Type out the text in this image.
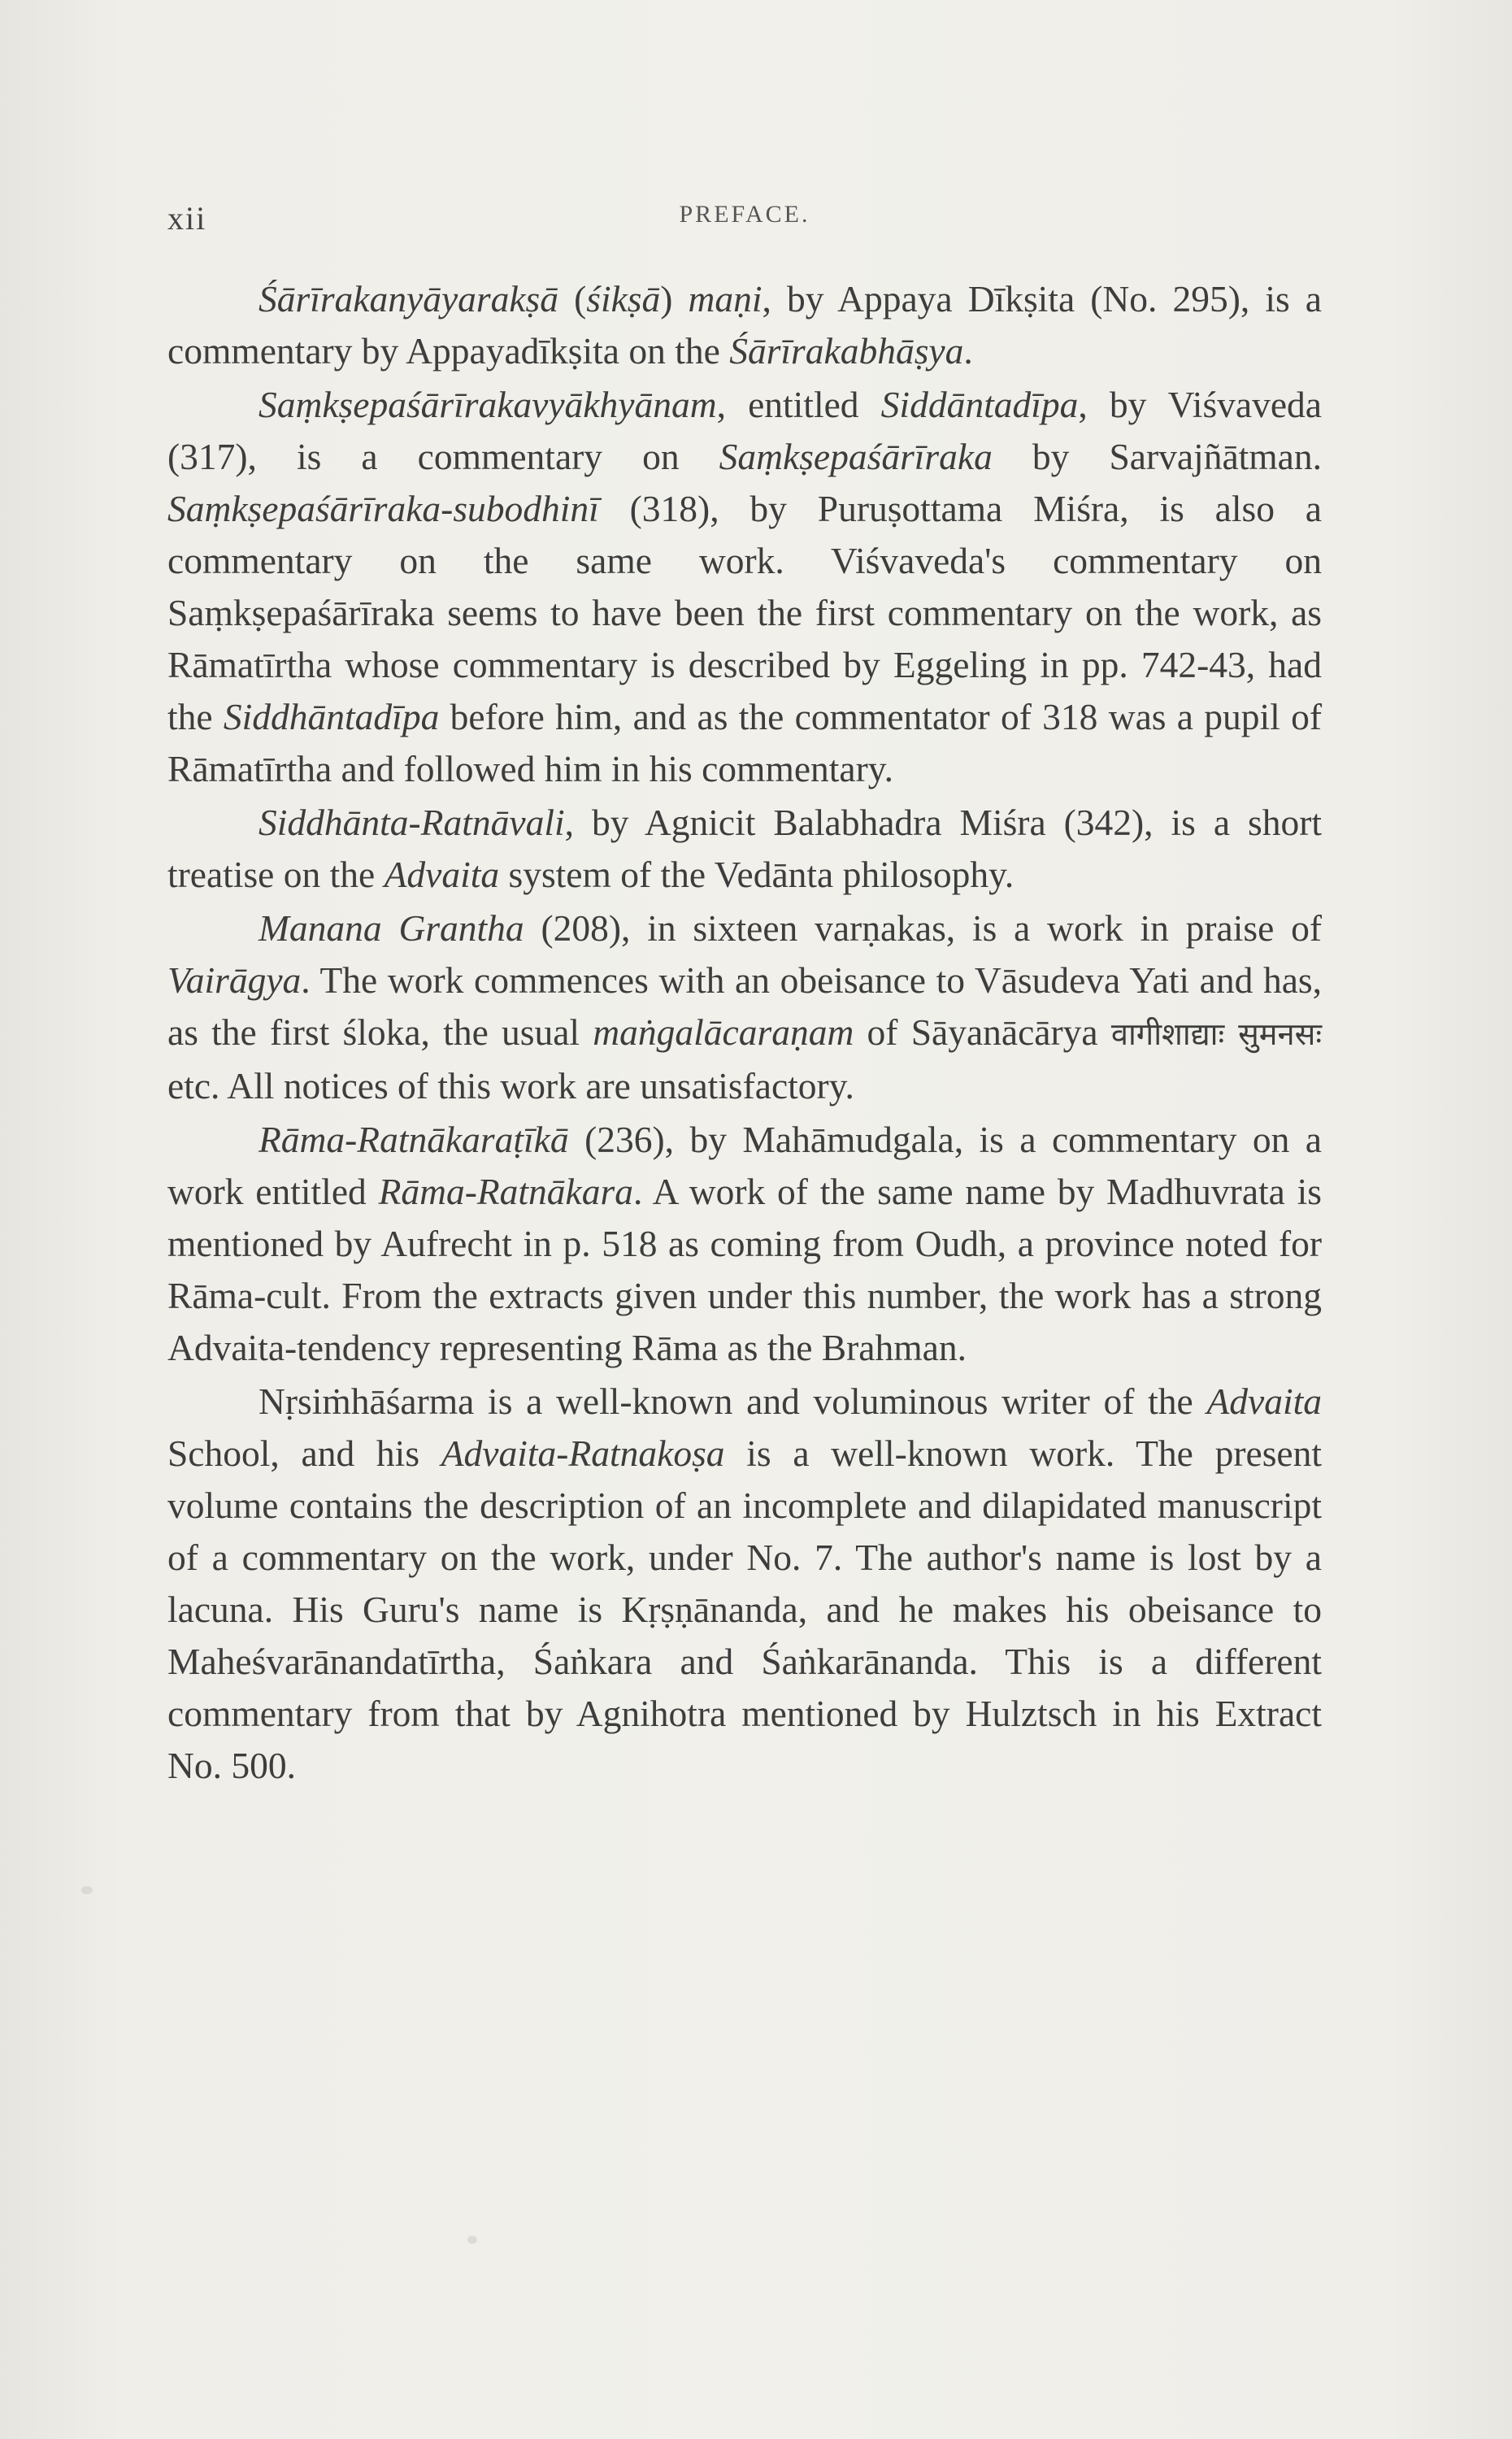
xii	PREFACE.

Śārīrakanyāyarakṣā (śikṣā) maṇi, by Appaya Dīkṣita (No. 295), is a commentary by Appayadīkṣita on the Śārīrakabhāṣya.

Saṃkṣepaśārīrakavyākhyānam, entitled Siddāntadīpa, by Viśvaveda (317), is a commentary on Saṃkṣepaśārīraka by Sarvajñātman. Saṃkṣepaśārīraka-subodhinī (318), by Puruṣottama Miśra, is also a commentary on the same work. Viśvaveda's commentary on Saṃkṣepaśārīraka seems to have been the first commentary on the work, as Rāmatīrtha whose commentary is described by Eggeling in pp. 742-43, had the Siddhāntadīpa before him, and as the commentator of 318 was a pupil of Rāmatīrtha and followed him in his commentary.

Siddhānta-Ratnāvali, by Agnicit Balabhadra Miśra (342), is a short treatise on the Advaita system of the Vedānta philosophy.

Manana Grantha (208), in sixteen varṇakas, is a work in praise of Vairāgya. The work commences with an obeisance to Vāsudeva Yati and has, as the first śloka, the usual maṅgalācaraṇam of Sāyanācārya वागीशाद्याः सुमनसः etc. All notices of this work are unsatisfactory.

Rāma-Ratnākaraṭīkā (236), by Mahāmudgala, is a commentary on a work entitled Rāma-Ratnākara. A work of the same name by Madhuvrata is mentioned by Aufrecht in p. 518 as coming from Oudh, a province noted for Rāma-cult. From the extracts given under this number, the work has a strong Advaita-tendency representing Rāma as the Brahman.

Nṛsiṁhāśarma is a well-known and voluminous writer of the Advaita School, and his Advaita-Ratnakoṣa is a well-known work. The present volume contains the description of an incomplete and dilapidated manuscript of a commentary on the work, under No. 7. The author's name is lost by a lacuna. His Guru's name is Kṛṣṇānanda, and he makes his obeisance to Maheśvarānandatīrtha, Śaṅkara and Śaṅkarānanda. This is a different commentary from that by Agnihotra mentioned by Hulztsch in his Extract No. 500.
